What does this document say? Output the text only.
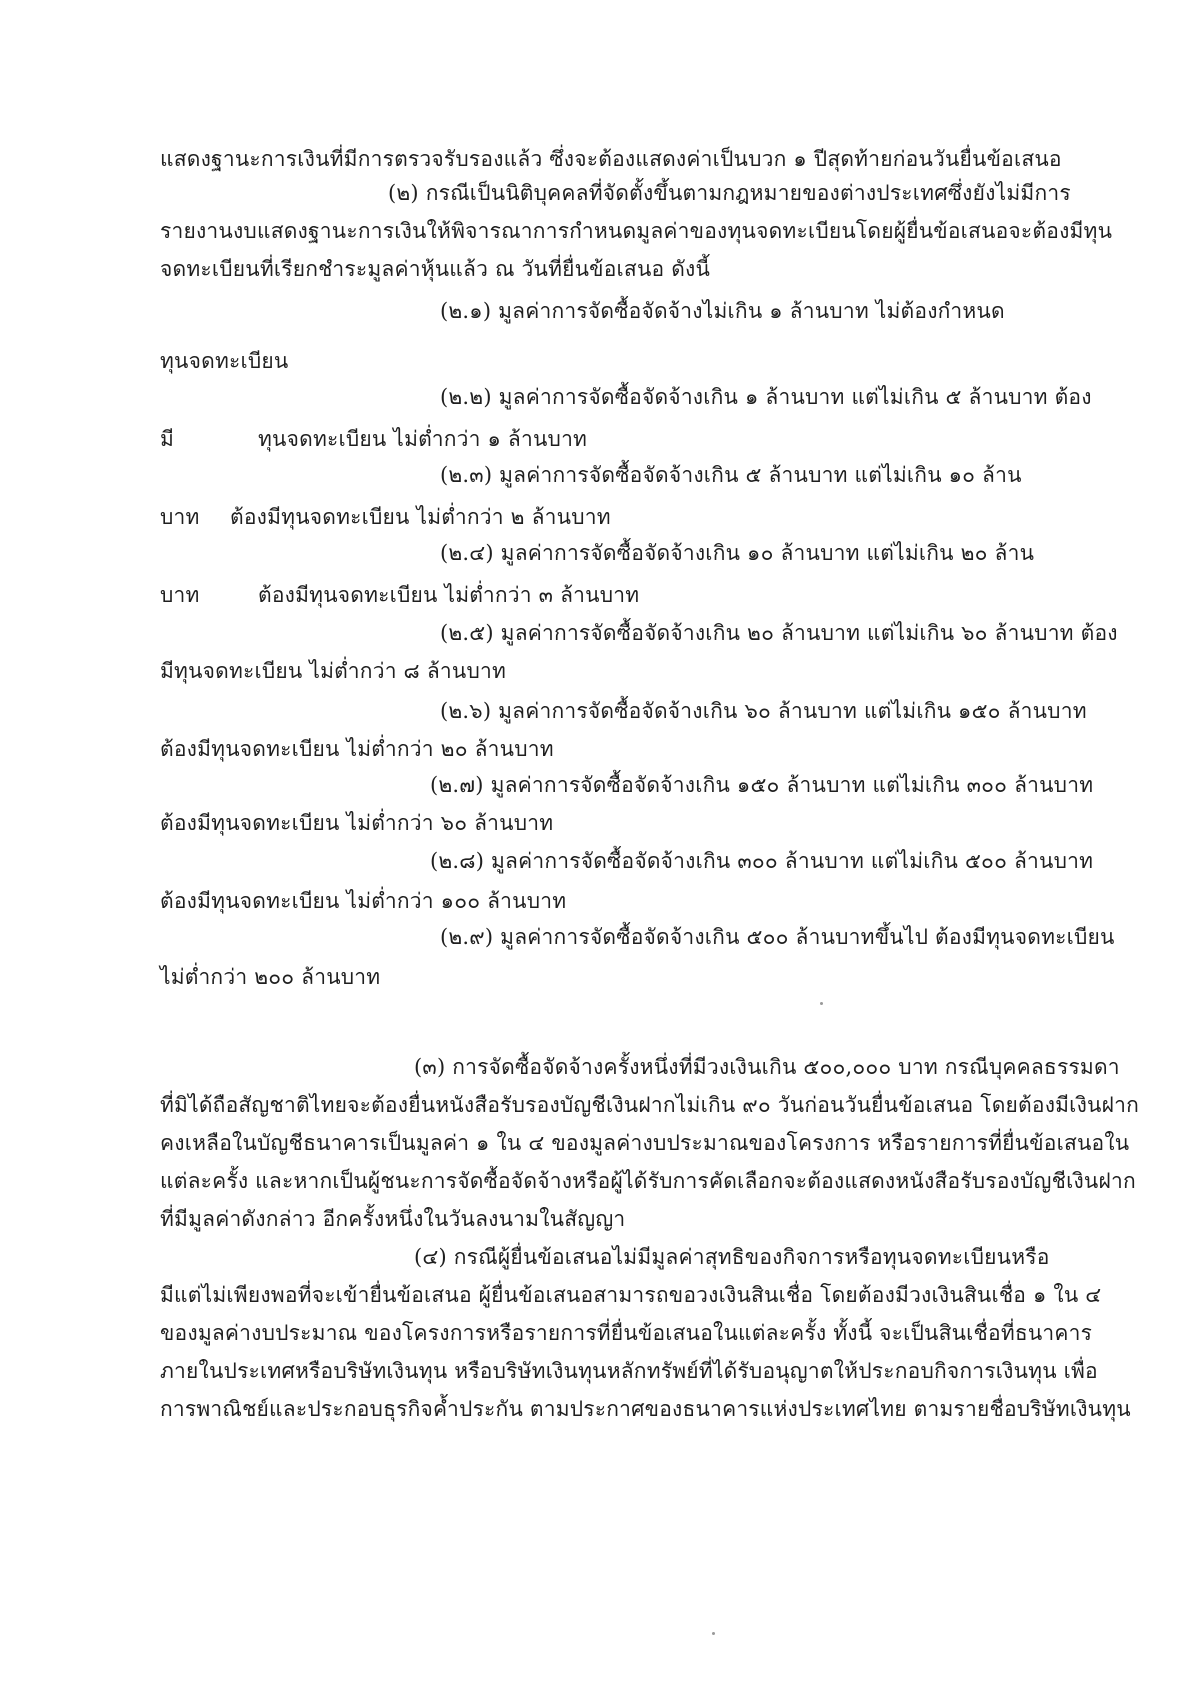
แสดงฐานะการเงินที่มีการตรวจรับรองแล้ว ซึ่งจะต้องแสดงค่าเป็นบวก ๑ ปีสุดท้ายก่อนวันยื่นข้อเสนอ
(๒) กรณีเป็นนิติบุคคลที่จัดตั้งขึ้นตามกฎหมายของต่างประเทศซึ่งยังไม่มีการ
รายงานงบแสดงฐานะการเงินให้พิจารณาการกำหนดมูลค่าของทุนจดทะเบียนโดยผู้ยื่นข้อเสนอจะต้องมีทุน
จดทะเบียนที่เรียกชำระมูลค่าหุ้นแล้ว ณ วันที่ยื่นข้อเสนอ ดังนี้
(๒.๑) มูลค่าการจัดซื้อจัดจ้างไม่เกิน ๑ ล้านบาท ไม่ต้องกำหนด
ทุนจดทะเบียน
(๒.๒) มูลค่าการจัดซื้อจัดจ้างเกิน ๑ ล้านบาท แต่ไม่เกิน ๕ ล้านบาท ต้อง
มี	ทุนจดทะเบียน ไม่ต่ำกว่า ๑ ล้านบาท
(๒.๓) มูลค่าการจัดซื้อจัดจ้างเกิน ๕ ล้านบาท แต่ไม่เกิน ๑๐ ล้าน
บาท ต้องมีทุนจดทะเบียน ไม่ต่ำกว่า ๒ ล้านบาท
(๒.๔) มูลค่าการจัดซื้อจัดจ้างเกิน ๑๐ ล้านบาท แต่ไม่เกิน ๒๐ ล้าน
บาท	ต้องมีทุนจดทะเบียน ไม่ต่ำกว่า ๓ ล้านบาท
(๒.๕) มูลค่าการจัดซื้อจัดจ้างเกิน ๒๐ ล้านบาท แต่ไม่เกิน ๖๐ ล้านบาท ต้อง
มีทุนจดทะเบียน ไม่ต่ำกว่า ๘ ล้านบาท
(๒.๖) มูลค่าการจัดซื้อจัดจ้างเกิน ๖๐ ล้านบาท แต่ไม่เกิน ๑๕๐ ล้านบาท
ต้องมีทุนจดทะเบียน ไม่ต่ำกว่า ๒๐ ล้านบาท
(๒.๗) มูลค่าการจัดซื้อจัดจ้างเกิน ๑๕๐ ล้านบาท แต่ไม่เกิน ๓๐๐ ล้านบาท
ต้องมีทุนจดทะเบียน ไม่ต่ำกว่า ๖๐ ล้านบาท
(๒.๘) มูลค่าการจัดซื้อจัดจ้างเกิน ๓๐๐ ล้านบาท แต่ไม่เกิน ๕๐๐ ล้านบาท
ต้องมีทุนจดทะเบียน ไม่ต่ำกว่า ๑๐๐ ล้านบาท
(๒.๙) มูลค่าการจัดซื้อจัดจ้างเกิน ๕๐๐ ล้านบาทขึ้นไป ต้องมีทุนจดทะเบียน
ไม่ต่ำกว่า ๒๐๐ ล้านบาท
(๓) การจัดซื้อจัดจ้างครั้งหนึ่งที่มีวงเงินเกิน ๕๐๐,๐๐๐ บาท กรณีบุคคลธรรมดา
ที่มิได้ถือสัญชาติไทยจะต้องยื่นหนังสือรับรองบัญชีเงินฝากไม่เกิน ๙๐ วันก่อนวันยื่นข้อเสนอ โดยต้องมีเงินฝาก
คงเหลือในบัญชีธนาคารเป็นมูลค่า ๑ ใน ๔ ของมูลค่างบประมาณของโครงการ หรือรายการที่ยื่นข้อเสนอใน
แต่ละครั้ง และหากเป็นผู้ชนะการจัดซื้อจัดจ้างหรือผู้ได้รับการคัดเลือกจะต้องแสดงหนังสือรับรองบัญชีเงินฝาก
ที่มีมูลค่าดังกล่าว อีกครั้งหนึ่งในวันลงนามในสัญญา
(๔) กรณีผู้ยื่นข้อเสนอไม่มีมูลค่าสุทธิของกิจการหรือทุนจดทะเบียนหรือ
มีแต่ไม่เพียงพอที่จะเข้ายื่นข้อเสนอ ผู้ยื่นข้อเสนอสามารถขอวงเงินสินเชื่อ โดยต้องมีวงเงินสินเชื่อ ๑ ใน ๔
ของมูลค่างบประมาณ ของโครงการหรือรายการที่ยื่นข้อเสนอในแต่ละครั้ง ทั้งนี้ จะเป็นสินเชื่อที่ธนาคาร
ภายในประเทศหรือบริษัทเงินทุน หรือบริษัทเงินทุนหลักทรัพย์ที่ได้รับอนุญาตให้ประกอบกิจการเงินทุน เพื่อ
การพาณิชย์และประกอบธุรกิจค้ำประกัน ตามประกาศของธนาคารแห่งประเทศไทย ตามรายชื่อบริษัทเงินทุน
